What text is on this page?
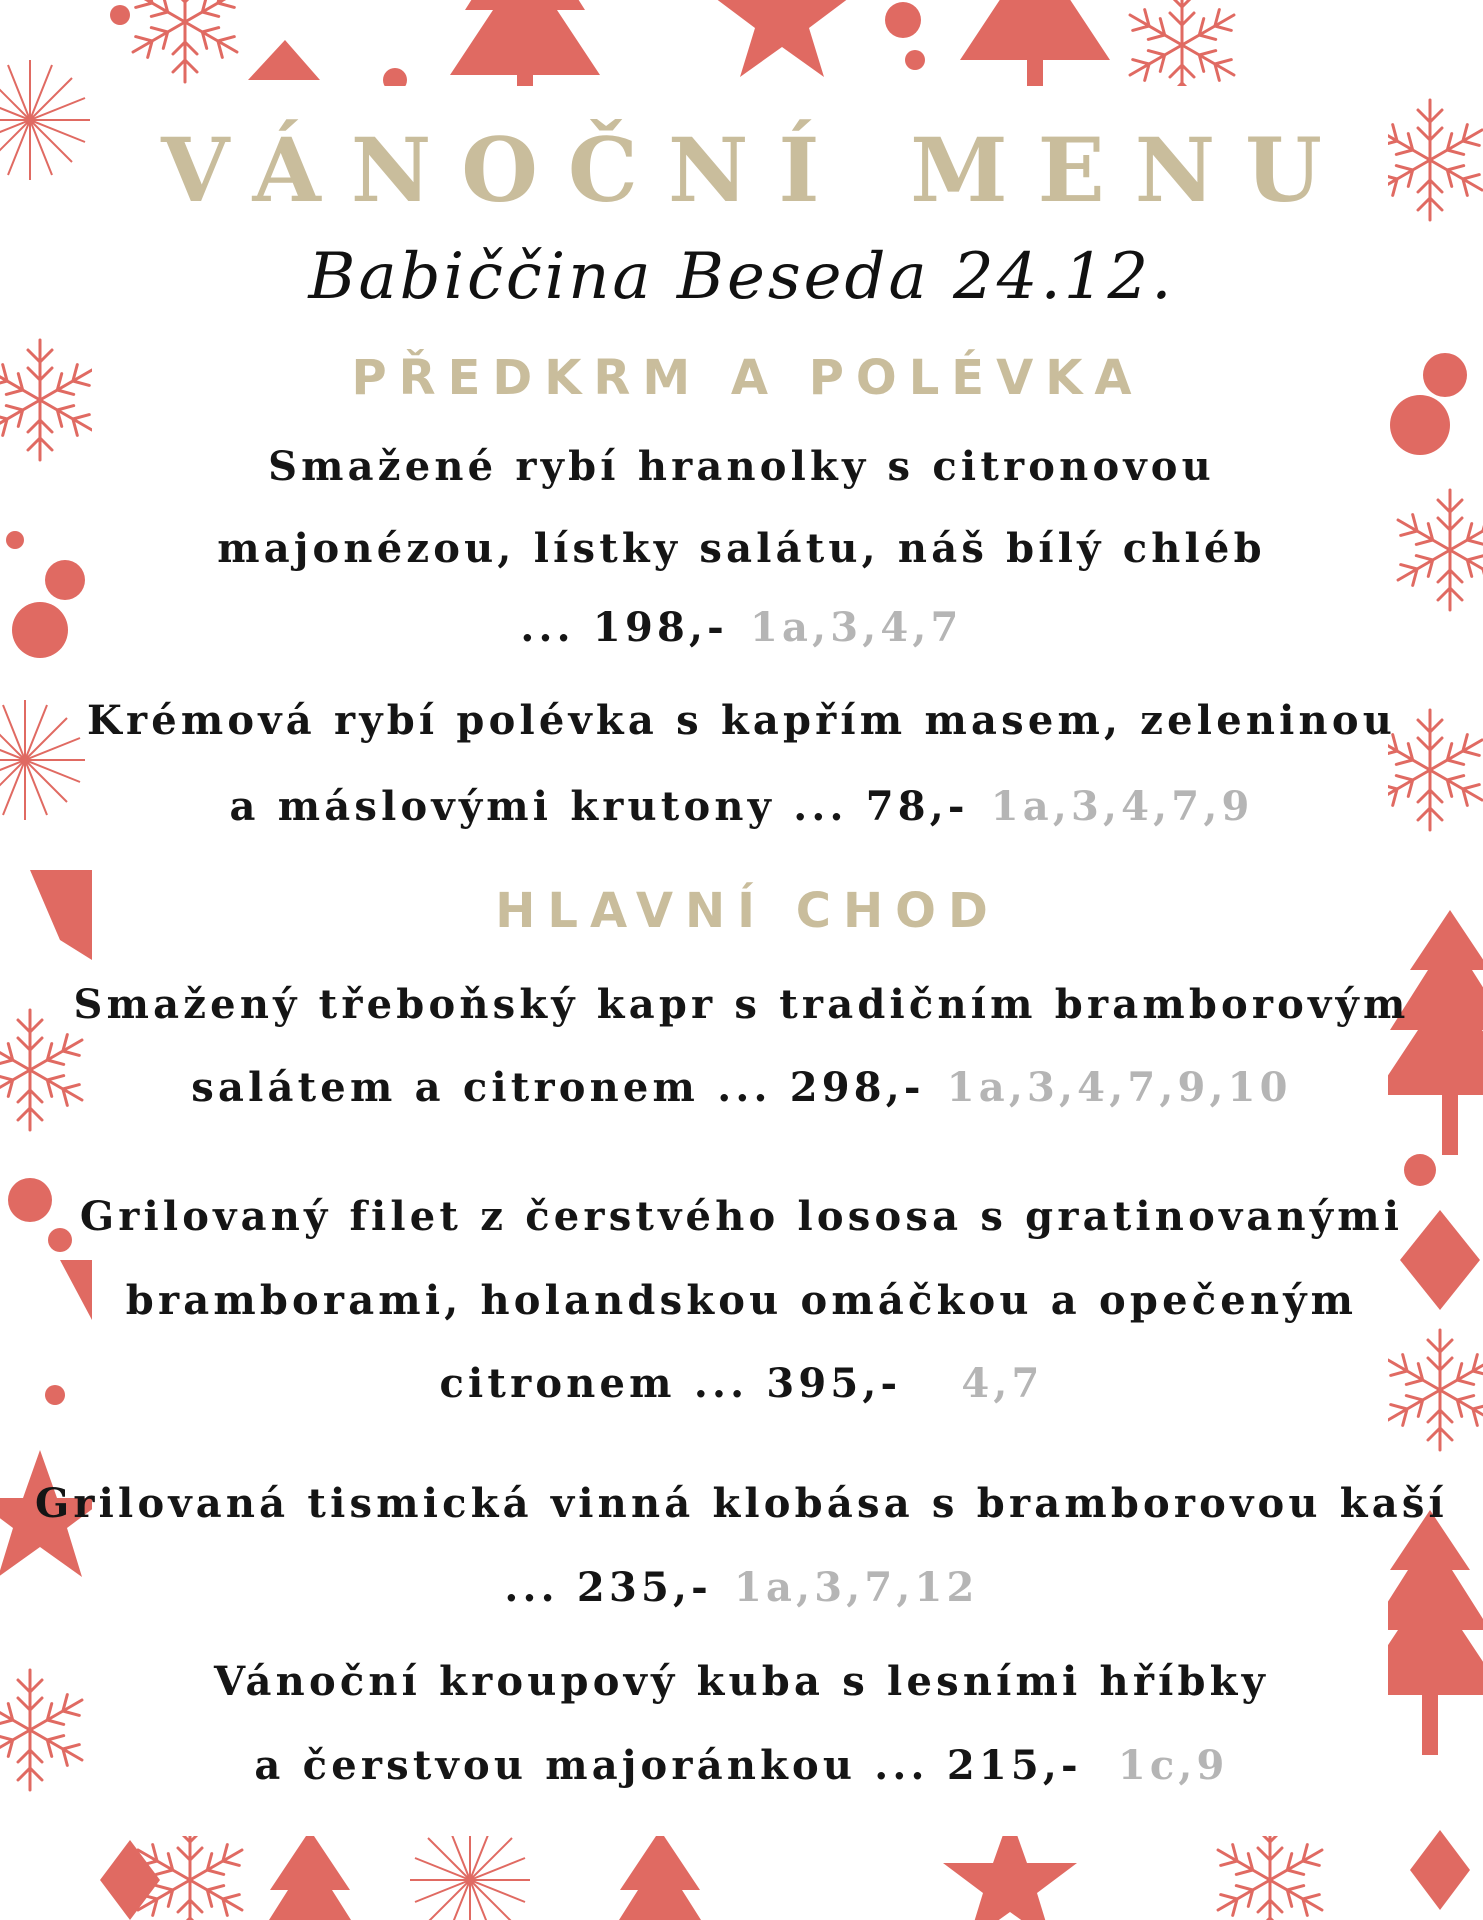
VÁNOČNÍ MENU
Babiččina Beseda 24.12.
PŘEDKRM A POLÉVKA
Smažené rybí hranolky s citronovou
majonézou, lístky salátu, náš bílý chléb
... 198,- 1a,3,4,7
Krémová rybí polévka s kapřím masem, zeleninou
a máslovými krutony ... 78,- 1a,3,4,7,9
HLAVNÍ CHOD
Smažený třeboňský kapr s tradičním bramborovým
salátem a citronem ... 298,- 1a,3,4,7,9,10
Grilovaný filet z čerstvého lososa s gratinovanými
bramborami, holandskou omáčkou a opečeným
citronem ... 395,- 4,7
Grilovaná tismická vinná klobása s bramborovou kaší
... 235,- 1a,3,7,12
Vánoční kroupový kuba s lesními hříbky
a čerstvou majoránkou ... 215,- 1c,9
